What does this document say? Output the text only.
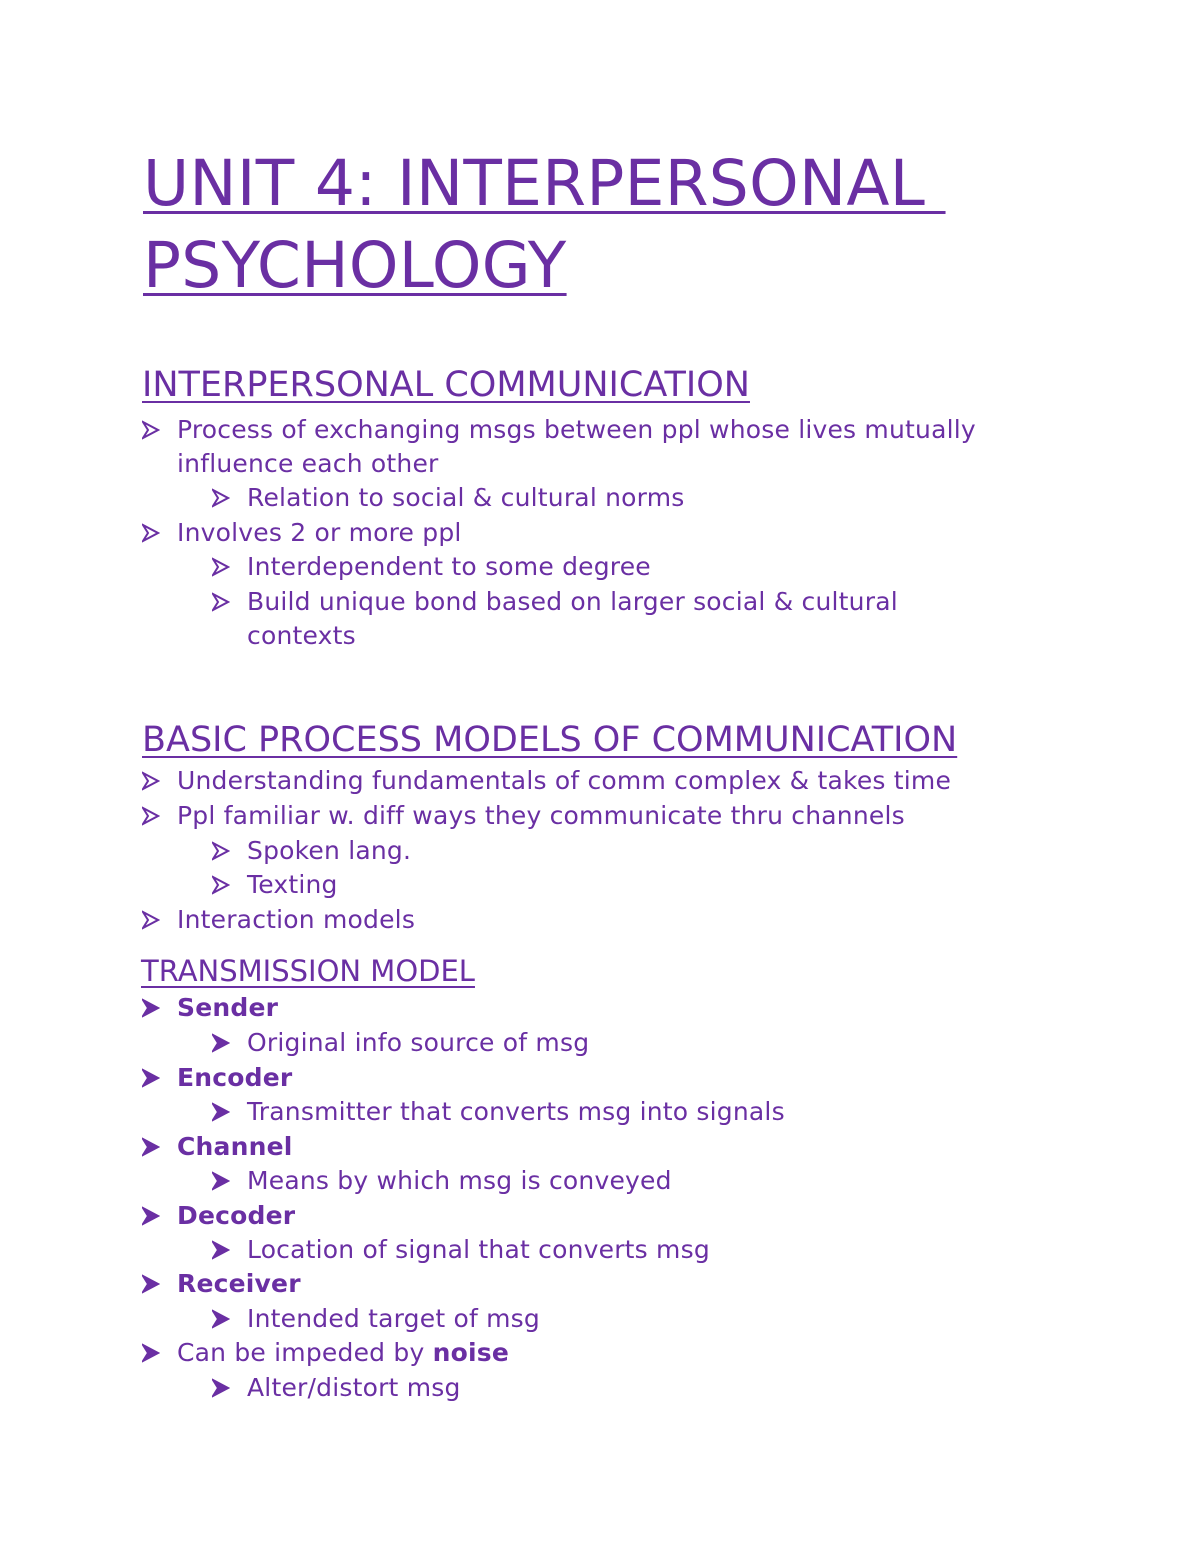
UNIT 4: INTERPERSONAL
PSYCHOLOGY
INTERPERSONAL COMMUNICATION
Process of exchanging msgs between ppl whose lives mutually
influence each other
Relation to social & cultural norms
Involves 2 or more ppl
Interdependent to some degree
Build unique bond based on larger social & cultural
contexts
BASIC PROCESS MODELS OF COMMUNICATION
Understanding fundamentals of comm complex & takes time
Ppl familiar w. diff ways they communicate thru channels
Spoken lang.
Texting
Interaction models
TRANSMISSION MODEL
Sender
Original info source of msg
Encoder
Transmitter that converts msg into signals
Channel
Means by which msg is conveyed
Decoder
Location of signal that converts msg
Receiver
Intended target of msg
Can be impeded by noise
Alter/distort msg
